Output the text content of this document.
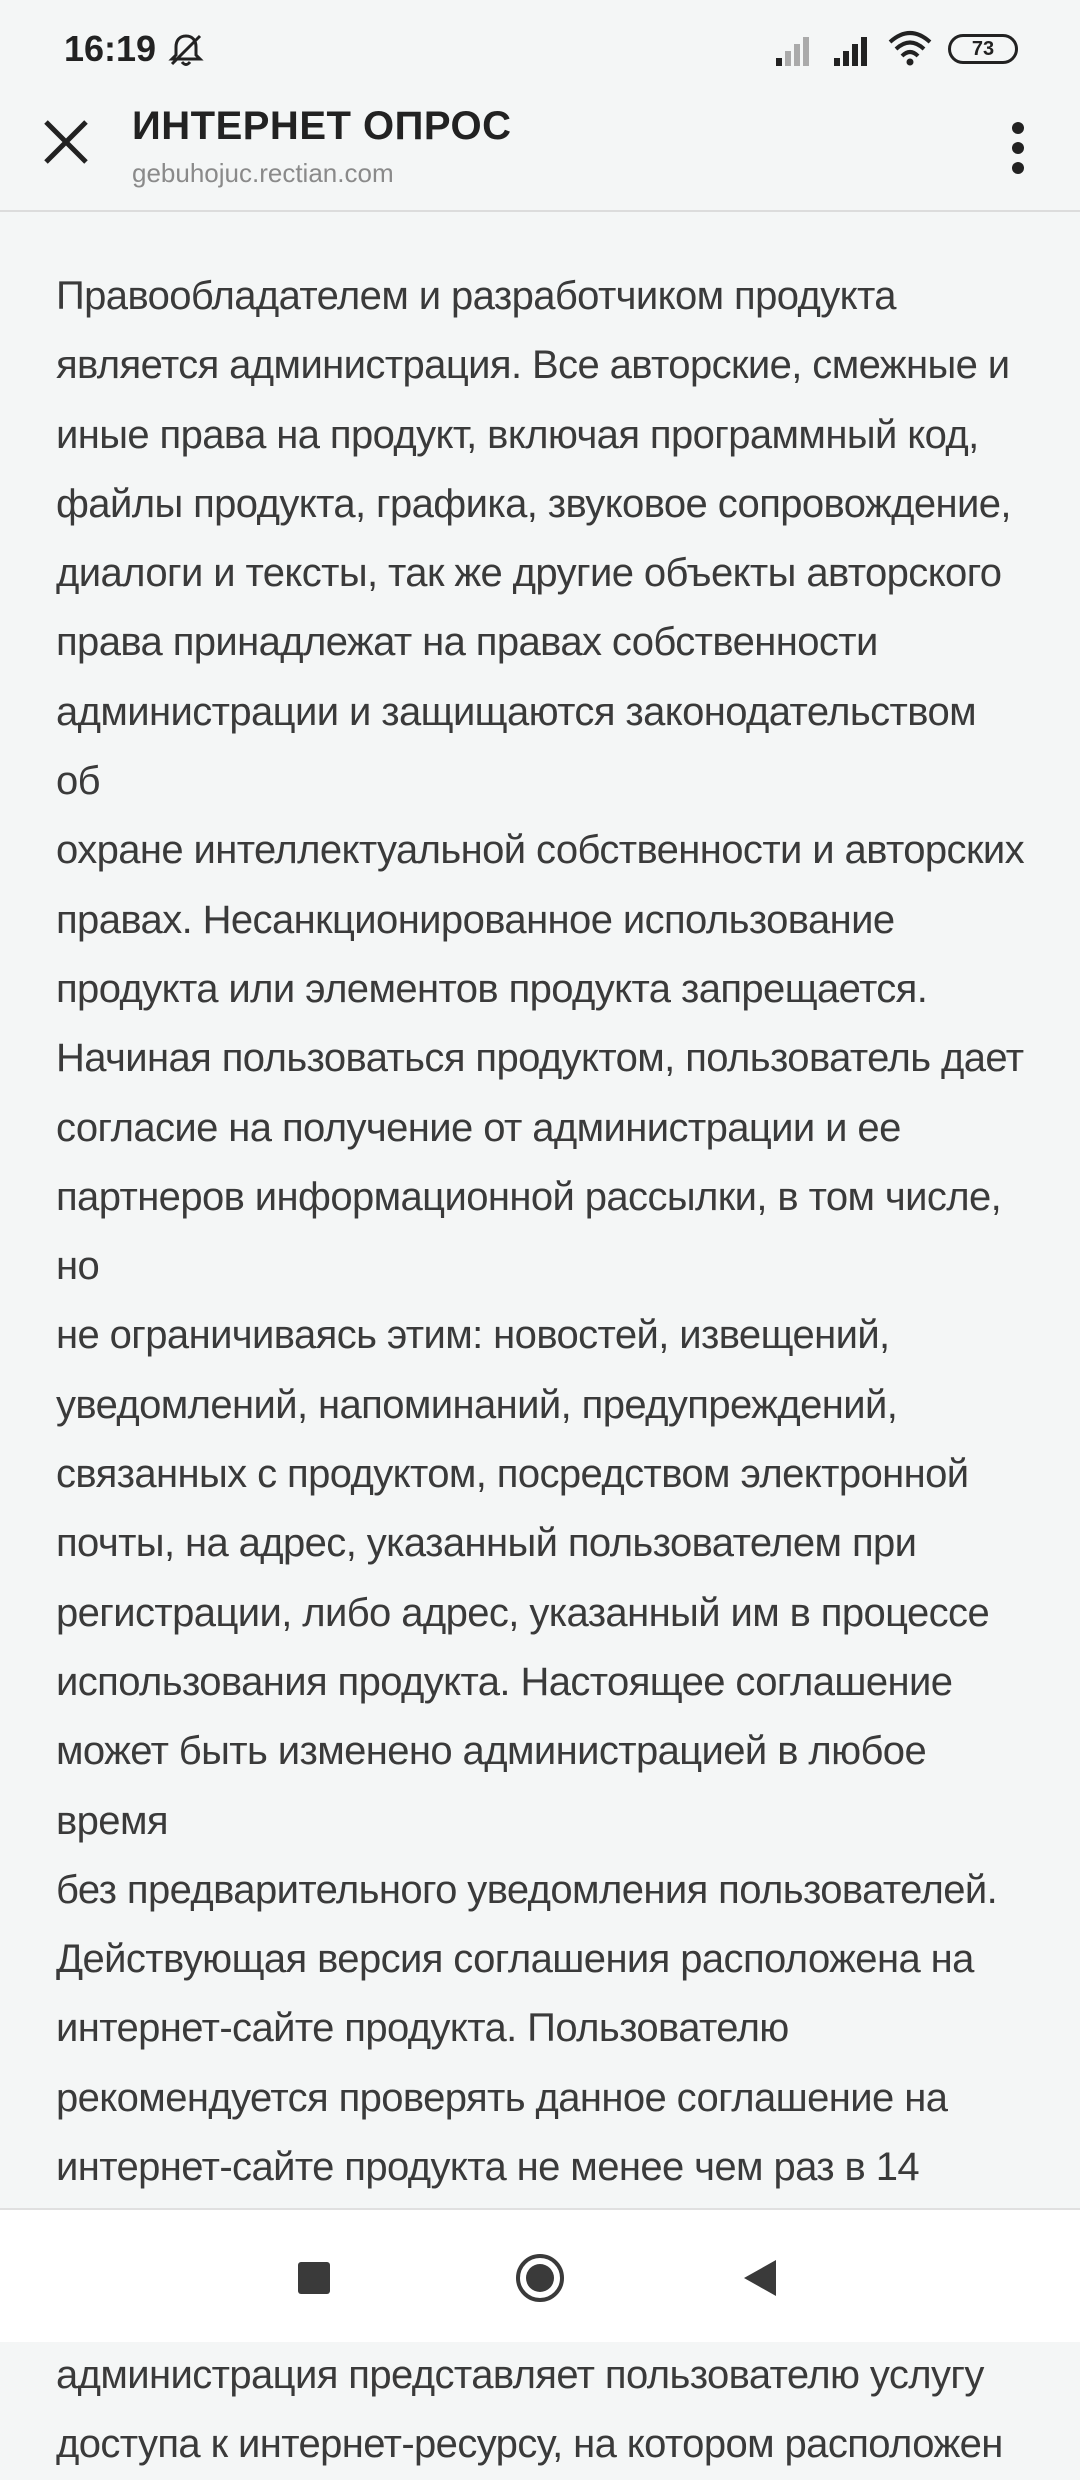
16:19	73
ИНТЕРНЕТ ОПРОС
gebuhojuc.rectian.com

Правообладателем и разработчиком продукта
является администрация. Все авторские, смежные и
иные права на продукт, включая программный код,
файлы продукта, графика, звуковое сопровождение,
диалоги и тексты, так же другие объекты авторского
права принадлежат на правах собственности
администрации и защищаются законодательством об
охране интеллектуальной собственности и авторских
правах. Несанкционированное использование
продукта или элементов продукта запрещается.
Начиная пользоваться продуктом, пользователь дает
согласие на получение от администрации и ее
партнеров информационной рассылки, в том числе, но
не ограничиваясь этим: новостей, извещений,
уведомлений, напоминаний, предупреждений,
связанных с продуктом, посредством электронной
почты, на адрес, указанный пользователем при
регистрации, либо адрес, указанный им в процессе
использования продукта. Настоящее соглашение
может быть изменено администрацией в любое время
без предварительного уведомления пользователей.
Действующая версия соглашения расположена на
интернет-сайте продукта. Пользователю
рекомендуется проверять данное соглашение на
интернет-сайте продукта не менее чем раз в 14

администрация представляет пользователю услугу
доступа к интернет-ресурсу, на котором расположен
